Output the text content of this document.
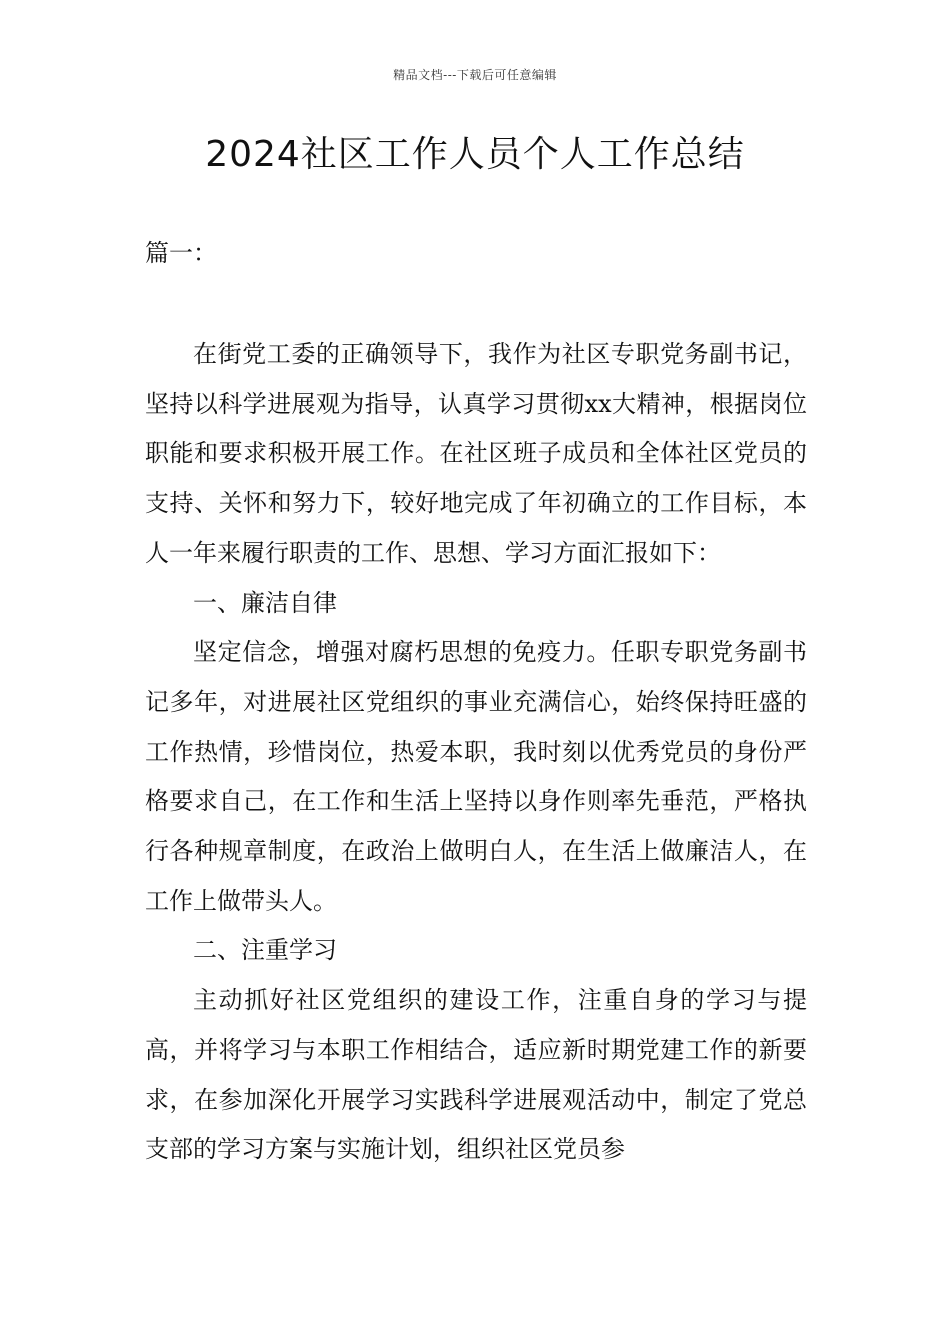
精品文档---下载后可任意编辑
2024社区工作人员个人工作总结
篇一：

在街党工委的正确领导下，我作为社区专职党务副书记，坚持以科学进展观为指导，认真学习贯彻xx大精神，根据岗位职能和要求积极开展工作。在社区班子成员和全体社区党员的支持、关怀和努力下，较好地完成了年初确立的工作目标，本人一年来履行职责的工作、思想、学习方面汇报如下：

一、廉洁自律

坚定信念，增强对腐朽思想的免疫力。任职专职党务副书记多年，对进展社区党组织的事业充满信心，始终保持旺盛的工作热情，珍惜岗位，热爱本职，我时刻以优秀党员的身份严格要求自己，在工作和生活上坚持以身作则率先垂范，严格执行各种规章制度，在政治上做明白人，在生活上做廉洁人，在工作上做带头人。

二、注重学习

主动抓好社区党组织的建设工作，注重自身的学习与提高，并将学习与本职工作相结合，适应新时期党建工作的新要求，在参加深化开展学习实践科学进展观活动中，制定了党总支部的学习方案与实施计划，组织社区党员参
